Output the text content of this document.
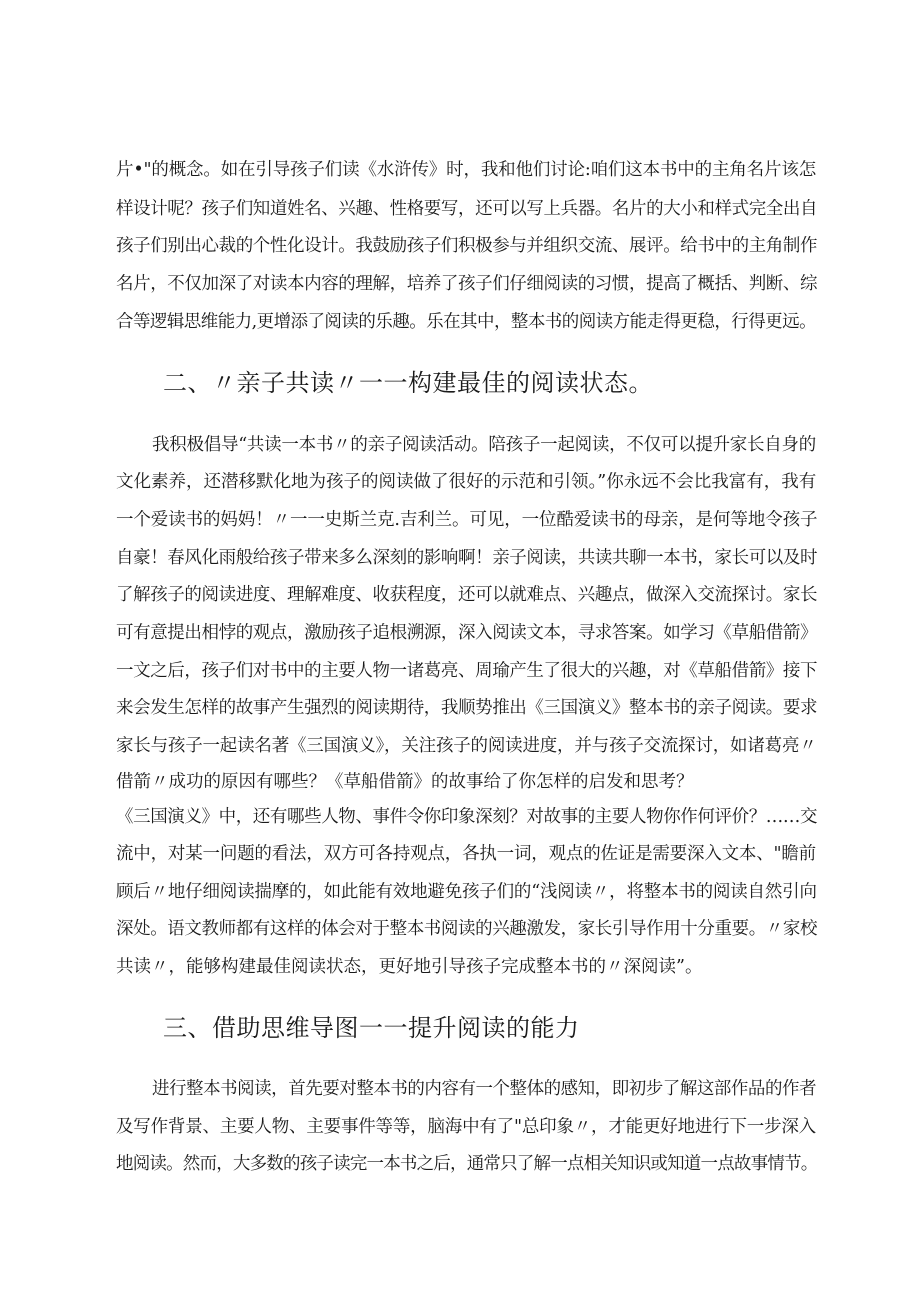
片•"的概念。如在引导孩子们读《水浒传》时，我和他们讨论:咱们这本书中的主角名片该怎
样设计呢？孩子们知道姓名、兴趣、性格要写，还可以写上兵器。名片的大小和样式完全出自
孩子们别出心裁的个性化设计。我鼓励孩子们积极参与并组织交流、展评。给书中的主角制作
名片，不仅加深了对读本内容的理解，培养了孩子们仔细阅读的习惯，提高了概括、判断、综
合等逻辑思维能力,更增添了阅读的乐趣。乐在其中，整本书的阅读方能走得更稳，行得更远。
二、〃亲子共读〃一一构建最佳的阅读状态。
我积极倡导“共读一本书〃的亲子阅读活动。陪孩子一起阅读，不仅可以提升家长自身的
文化素养，还潜移默化地为孩子的阅读做了很好的示范和引领。”你永远不会比我富有，我有
一个爱读书的妈妈！〃一一史斯兰克.吉利兰。可见，一位酷爱读书的母亲，是何等地令孩子
自豪！春风化雨般给孩子带来多么深刻的影响啊！亲子阅读，共读共聊一本书，家长可以及时
了解孩子的阅读进度、理解难度、收获程度，还可以就难点、兴趣点，做深入交流探讨。家长
可有意提出相悖的观点，激励孩子追根溯源，深入阅读文本，寻求答案。如学习《草船借箭》
一文之后，孩子们对书中的主要人物一诸葛亮、周瑜产生了很大的兴趣，对《草船借箭》接下
来会发生怎样的故事产生强烈的阅读期待，我顺势推出《三国演义》整本书的亲子阅读。要求
家长与孩子一起读名著《三国演义》，关注孩子的阅读进度，并与孩子交流探讨，如诸葛亮〃
借箭〃成功的原因有哪些？《草船借箭》的故事给了你怎样的启发和思考？
《三国演义》中，还有哪些人物、事件令你印象深刻？对故事的主要人物你作何评价？……交
流中，对某一问题的看法，双方可各持观点，各执一词，观点的佐证是需要深入文本、"瞻前
顾后〃地仔细阅读揣摩的，如此能有效地避免孩子们的“浅阅读〃，将整本书的阅读自然引向
深处。语文教师都有这样的体会对于整本书阅读的兴趣激发，家长引导作用十分重要。〃家校
共读〃，能够构建最佳阅读状态，更好地引导孩子完成整本书的〃深阅读”。
三、借助思维导图一一提升阅读的能力
进行整本书阅读，首先要对整本书的内容有一个整体的感知，即初步了解这部作品的作者
及写作背景、主要人物、主要事件等等，脑海中有了"总印象〃，才能更好地进行下一步深入
地阅读。然而，大多数的孩子读完一本书之后，通常只了解一点相关知识或知道一点故事情节。
